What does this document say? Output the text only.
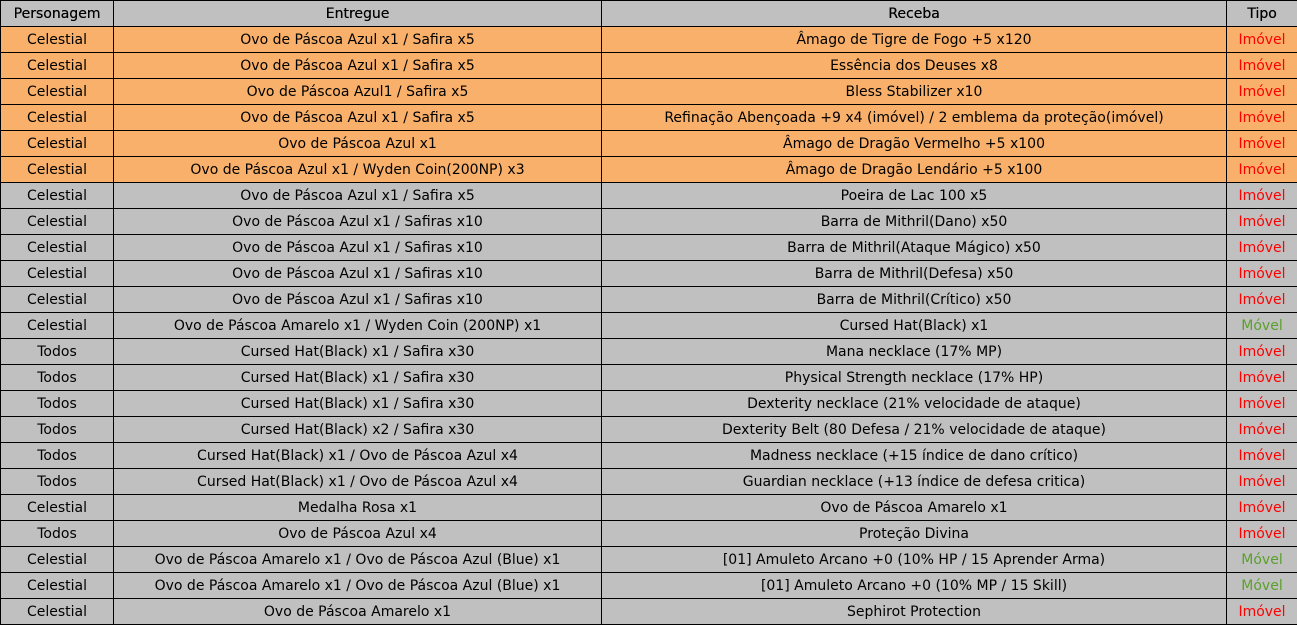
Personagem	Entregue	Receba	Tipo
Celestial	Ovo de Páscoa Azul x1 / Safira x5	Âmago de Tigre de Fogo +5 x120	Imóvel
Celestial	Ovo de Páscoa Azul x1 / Safira x5	Essência dos Deuses x8	Imóvel
Celestial	Ovo de Páscoa Azul1 / Safira x5	Bless Stabilizer x10	Imóvel
Celestial	Ovo de Páscoa Azul x1 / Safira x5	Refinação Abençoada +9 x4 (imóvel) / 2 emblema da proteção(imóvel)	Imóvel
Celestial	Ovo de Páscoa Azul x1	Âmago de Dragão Vermelho +5 x100	Imóvel
Celestial	Ovo de Páscoa Azul x1 / Wyden Coin(200NP) x3	Âmago de Dragão Lendário +5 x100	Imóvel
Celestial	Ovo de Páscoa Azul x1 / Safira x5	Poeira de Lac 100 x5	Imóvel
Celestial	Ovo de Páscoa Azul x1 / Safiras x10	Barra de Mithril(Dano) x50	Imóvel
Celestial	Ovo de Páscoa Azul x1 / Safiras x10	Barra de Mithril(Ataque Mágico) x50	Imóvel
Celestial	Ovo de Páscoa Azul x1 / Safiras x10	Barra de Mithril(Defesa) x50	Imóvel
Celestial	Ovo de Páscoa Azul x1 / Safiras x10	Barra de Mithril(Crítico) x50	Imóvel
Celestial	Ovo de Páscoa Amarelo x1 / Wyden Coin (200NP) x1	Cursed Hat(Black) x1	Móvel
Todos	Cursed Hat(Black) x1 / Safira x30	Mana necklace (17% MP)	Imóvel
Todos	Cursed Hat(Black) x1 / Safira x30	Physical Strength necklace (17% HP)	Imóvel
Todos	Cursed Hat(Black) x1 / Safira x30	Dexterity necklace (21% velocidade de ataque)	Imóvel
Todos	Cursed Hat(Black) x2 / Safira x30	Dexterity Belt (80 Defesa / 21% velocidade de ataque)	Imóvel
Todos	Cursed Hat(Black) x1 / Ovo de Páscoa Azul x4	Madness necklace (+15 índice de dano crítico)	Imóvel
Todos	Cursed Hat(Black) x1 / Ovo de Páscoa Azul x4	Guardian necklace (+13 índice de defesa critica)	Imóvel
Celestial	Medalha Rosa x1	Ovo de Páscoa Amarelo x1	Imóvel
Todos	Ovo de Páscoa Azul x4	Proteção Divina	Imóvel
Celestial	Ovo de Páscoa Amarelo x1 / Ovo de Páscoa Azul (Blue) x1	[01] Amuleto Arcano +0 (10% HP / 15 Aprender Arma)	Móvel
Celestial	Ovo de Páscoa Amarelo x1 / Ovo de Páscoa Azul (Blue) x1	[01] Amuleto Arcano +0 (10% MP / 15 Skill)	Móvel
Celestial	Ovo de Páscoa Amarelo x1	Sephirot Protection	Imóvel
